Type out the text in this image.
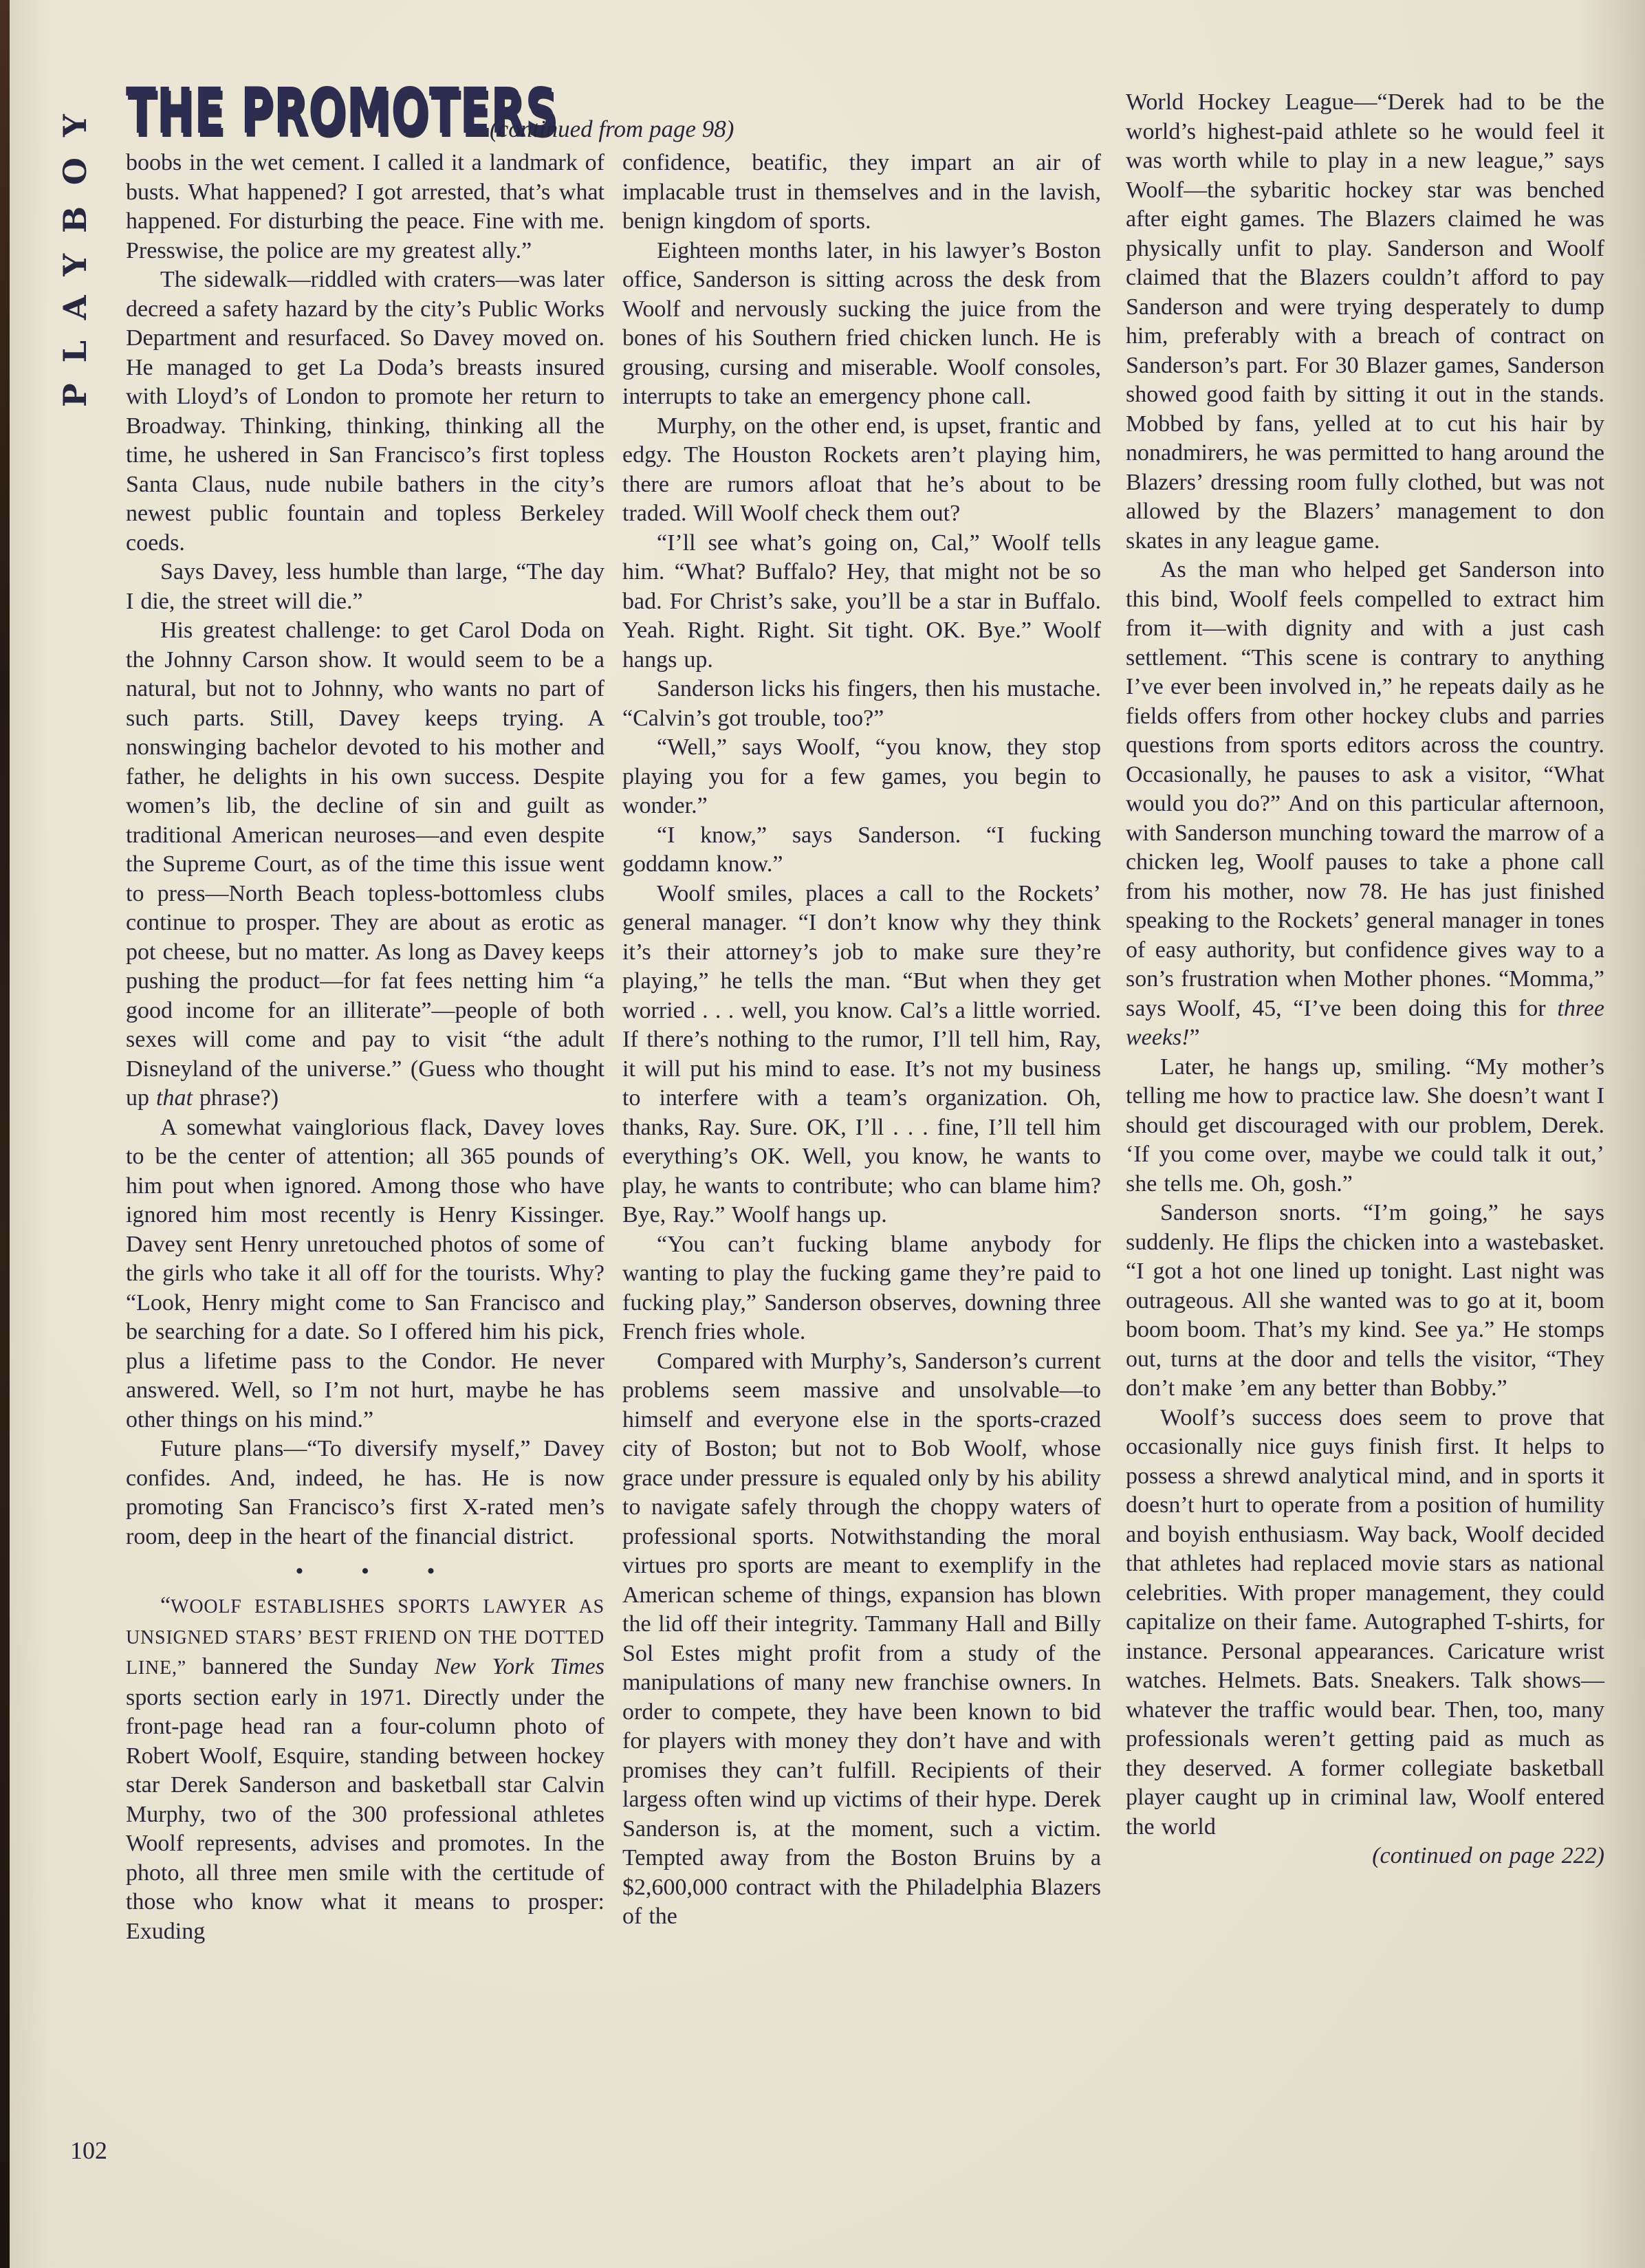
PLAYBOY THE PROMOTERS
(continued from page 98)

boobs in the wet cement. I called it a landmark of busts. What happened? I got arrested, that’s what happened. For disturbing the peace. Fine with me. Presswise, the police are my greatest ally.”

The sidewalk—riddled with craters—was later decreed a safety hazard by the city’s Public Works Department and resurfaced. So Davey moved on. He managed to get La Doda’s breasts insured with Lloyd’s of London to promote her return to Broadway. Thinking, thinking, thinking all the time, he ushered in San Francisco’s first topless Santa Claus, nude nubile bathers in the city’s newest public fountain and topless Berkeley coeds.

Says Davey, less humble than large, “The day I die, the street will die.”

His greatest challenge: to get Carol Doda on the Johnny Carson show. It would seem to be a natural, but not to Johnny, who wants no part of such parts. Still, Davey keeps trying. A nonswinging bachelor devoted to his mother and father, he delights in his own success. Despite women’s lib, the decline of sin and guilt as traditional American neuroses—and even despite the Supreme Court, as of the time this issue went to press—North Beach topless-bottomless clubs continue to prosper. They are about as erotic as pot cheese, but no matter. As long as Davey keeps pushing the product—for fat fees netting him “a good income for an illiterate”—people of both sexes will come and pay to visit “the adult Disneyland of the universe.” (Guess who thought up that phrase?)

A somewhat vainglorious flack, Davey loves to be the center of attention; all 365 pounds of him pout when ignored. Among those who have ignored him most recently is Henry Kissinger. Davey sent Henry unretouched photos of some of the girls who take it all off for the tourists. Why? “Look, Henry might come to San Francisco and be searching for a date. So I offered him his pick, plus a lifetime pass to the Condor. He never answered. Well, so I’m not hurt, maybe he has other things on his mind.”

Future plans—“To diversify myself,” Davey confides. And, indeed, he has. He is now promoting San Francisco’s first X-rated men’s room, deep in the heart of the financial district.

• • •

“WOOLF ESTABLISHES SPORTS LAWYER AS UNSIGNED STARS’ BEST FRIEND ON THE DOTTED LINE,” bannered the Sunday New York Times sports section early in 1971. Directly under the front-page head ran a four-column photo of Robert Woolf, Esquire, standing between hockey star Derek Sanderson and basketball star Calvin Murphy, two of the 300 professional athletes Woolf represents, advises and promotes. In the photo, all three men smile with the certitude of those who know what it means to prosper: Exuding

confidence, beatific, they impart an air of implacable trust in themselves and in the lavish, benign kingdom of sports.

Eighteen months later, in his lawyer’s Boston office, Sanderson is sitting across the desk from Woolf and nervously sucking the juice from the bones of his Southern fried chicken lunch. He is grousing, cursing and miserable. Woolf consoles, interrupts to take an emergency phone call.

Murphy, on the other end, is upset, frantic and edgy. The Houston Rockets aren’t playing him, there are rumors afloat that he’s about to be traded. Will Woolf check them out?

“I’ll see what’s going on, Cal,” Woolf tells him. “What? Buffalo? Hey, that might not be so bad. For Christ’s sake, you’ll be a star in Buffalo. Yeah. Right. Right. Sit tight. OK. Bye.” Woolf hangs up.

Sanderson licks his fingers, then his mustache. “Calvin’s got trouble, too?”

“Well,” says Woolf, “you know, they stop playing you for a few games, you begin to wonder.”

“I know,” says Sanderson. “I fucking goddamn know.”

Woolf smiles, places a call to the Rockets’ general manager. “I don’t know why they think it’s their attorney’s job to make sure they’re playing,” he tells the man. “But when they get worried . . . well, you know. Cal’s a little worried. If there’s nothing to the rumor, I’ll tell him, Ray, it will put his mind to ease. It’s not my business to interfere with a team’s organization. Oh, thanks, Ray. Sure. OK, I’ll . . . fine, I’ll tell him everything’s OK. Well, you know, he wants to play, he wants to contribute; who can blame him? Bye, Ray.” Woolf hangs up.

“You can’t fucking blame anybody for wanting to play the fucking game they’re paid to fucking play,” Sanderson observes, downing three French fries whole.

Compared with Murphy’s, Sanderson’s current problems seem massive and unsolvable—to himself and everyone else in the sports-crazed city of Boston; but not to Bob Woolf, whose grace under pressure is equaled only by his ability to navigate safely through the choppy waters of professional sports. Notwithstanding the moral virtues pro sports are meant to exemplify in the American scheme of things, expansion has blown the lid off their integrity. Tammany Hall and Billy Sol Estes might profit from a study of the manipulations of many new franchise owners. In order to compete, they have been known to bid for players with money they don’t have and with promises they can’t fulfill. Recipients of their largess often wind up victims of their hype. Derek Sanderson is, at the moment, such a victim. Tempted away from the Boston Bruins by a $2,600,000 contract with the Philadelphia Blazers of the

World Hockey League—“Derek had to be the world’s highest-paid athlete so he would feel it was worth while to play in a new league,” says Woolf—the sybaritic hockey star was benched after eight games. The Blazers claimed he was physically unfit to play. Sanderson and Woolf claimed that the Blazers couldn’t afford to pay Sanderson and were trying desperately to dump him, preferably with a breach of contract on Sanderson’s part. For 30 Blazer games, Sanderson showed good faith by sitting it out in the stands. Mobbed by fans, yelled at to cut his hair by nonadmirers, he was permitted to hang around the Blazers’ dressing room fully clothed, but was not allowed by the Blazers’ management to don skates in any league game.

As the man who helped get Sanderson into this bind, Woolf feels compelled to extract him from it—with dignity and with a just cash settlement. “This scene is contrary to anything I’ve ever been involved in,” he repeats daily as he fields offers from other hockey clubs and parries questions from sports editors across the country. Occasionally, he pauses to ask a visitor, “What would you do?” And on this particular afternoon, with Sanderson munching toward the marrow of a chicken leg, Woolf pauses to take a phone call from his mother, now 78. He has just finished speaking to the Rockets’ general manager in tones of easy authority, but confidence gives way to a son’s frustration when Mother phones. “Momma,” says Woolf, 45, “I’ve been doing this for three weeks!”

Later, he hangs up, smiling. “My mother’s telling me how to practice law. She doesn’t want I should get discouraged with our problem, Derek. ‘If you come over, maybe we could talk it out,’ she tells me. Oh, gosh.”

Sanderson snorts. “I’m going,” he says suddenly. He flips the chicken into a wastebasket. “I got a hot one lined up tonight. Last night was outrageous. All she wanted was to go at it, boom boom boom. That’s my kind. See ya.” He stomps out, turns at the door and tells the visitor, “They don’t make ’em any better than Bobby.”

Woolf’s success does seem to prove that occasionally nice guys finish first. It helps to possess a shrewd analytical mind, and in sports it doesn’t hurt to operate from a position of humility and boyish enthusiasm. Way back, Woolf decided that athletes had replaced movie stars as national celebrities. With proper management, they could capitalize on their fame. Autographed T-shirts, for instance. Personal appearances. Caricature wrist watches. Helmets. Bats. Sneakers. Talk shows—whatever the traffic would bear. Then, too, many professionals weren’t getting paid as much as they deserved. A former collegiate basketball player caught up in criminal law, Woolf entered the world

(continued on page 222)

102
